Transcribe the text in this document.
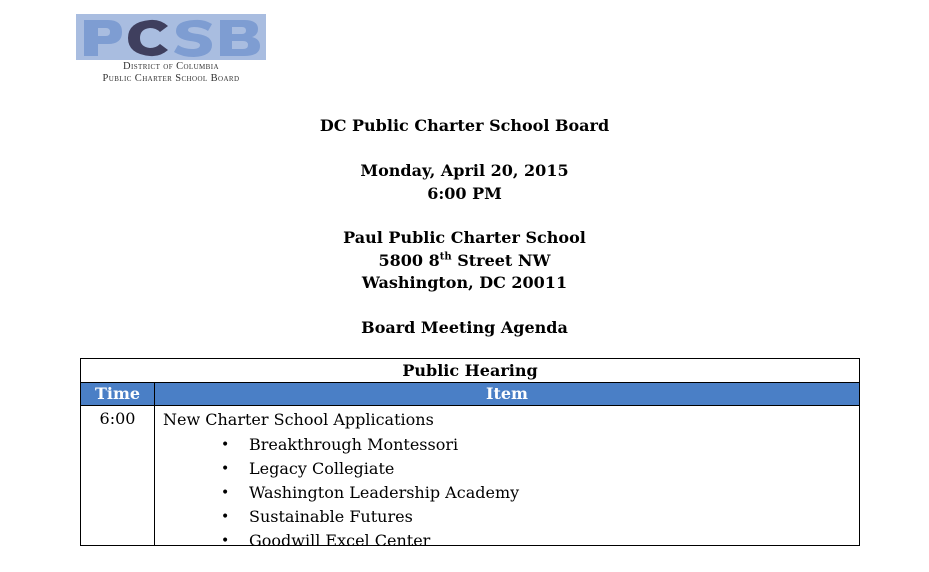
District of Columbia
Public Charter School Board
DC Public Charter School Board
Monday, April 20, 2015
6:00 PM
Paul Public Charter School
5800 8th Street NW
Washington, DC 20011
Board Meeting Agenda
Public Hearing
Time	Item
6:00	New Charter School Applications
• Breakthrough Montessori
• Legacy Collegiate
• Washington Leadership Academy
• Sustainable Futures
• Goodwill Excel Center
